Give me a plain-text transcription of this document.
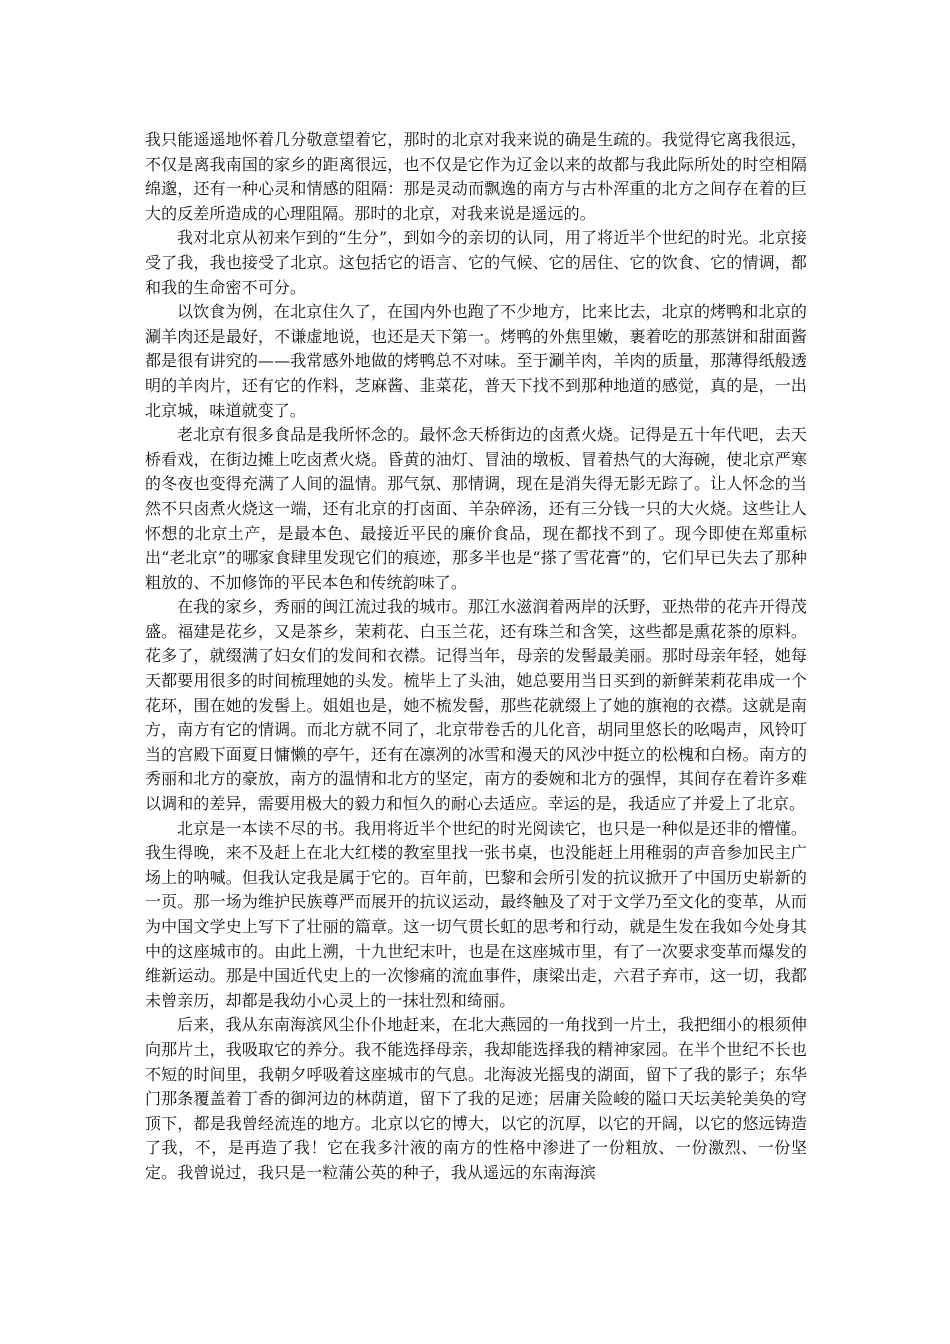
我只能遥遥地怀着几分敬意望着它，那时的北京对我来说的确是生疏的。我觉得它离我很远，不仅是离我南国的家乡的距离很远，也不仅是它作为辽金以来的故都与我此际所处的时空相隔绵邈，还有一种心灵和情感的阻隔：那是灵动而飘逸的南方与古朴浑重的北方之间存在着的巨大的反差所造成的心理阻隔。那时的北京，对我来说是遥远的。

我对北京从初来乍到的“生分”，到如今的亲切的认同，用了将近半个世纪的时光。北京接受了我，我也接受了北京。这包括它的语言、它的气候、它的居住、它的饮食、它的情调，都和我的生命密不可分。

以饮食为例，在北京住久了，在国内外也跑了不少地方，比来比去，北京的烤鸭和北京的涮羊肉还是最好，不谦虚地说，也还是天下第一。烤鸭的外焦里嫩，裹着吃的那蒸饼和甜面酱都是很有讲究的——我常感外地做的烤鸭总不对味。至于涮羊肉，羊肉的质量，那薄得纸般透明的羊肉片，还有它的作料，芝麻酱、韭菜花，普天下找不到那种地道的感觉，真的是，一出北京城，味道就变了。

老北京有很多食品是我所怀念的。最怀念天桥街边的卤煮火烧。记得是五十年代吧，去天桥看戏，在街边摊上吃卤煮火烧。昏黄的油灯、冒油的墩板、冒着热气的大海碗，使北京严寒的冬夜也变得充满了人间的温情。那气氛、那情调，现在是消失得无影无踪了。让人怀念的当然不只卤煮火烧这一端，还有北京的打卤面、羊杂碎汤，还有三分钱一只的大火烧。这些让人怀想的北京土产，是最本色、最接近平民的廉价食品，现在都找不到了。现今即使在郑重标出“老北京”的哪家食肆里发现它们的痕迹，那多半也是“搽了雪花膏”的，它们早已失去了那种粗放的、不加修饰的平民本色和传统韵味了。

在我的家乡，秀丽的闽江流过我的城市。那江水滋润着两岸的沃野，亚热带的花卉开得茂盛。福建是花乡，又是茶乡，茉莉花、白玉兰花，还有珠兰和含笑，这些都是熏花茶的原料。花多了，就缀满了妇女们的发间和衣襟。记得当年，母亲的发髻最美丽。那时母亲年轻，她每天都要用很多的时间梳理她的头发。梳毕上了头油，她总要用当日买到的新鲜茉莉花串成一个花环，围在她的发髻上。姐姐也是，她不梳发髻，那些花就缀上了她的旗袍的衣襟。这就是南方，南方有它的情调。而北方就不同了，北京带卷舌的儿化音，胡同里悠长的吆喝声，风铃叮当的宫殿下面夏日慵懒的亭午，还有在凛冽的冰雪和漫天的风沙中挺立的松槐和白杨。南方的秀丽和北方的豪放，南方的温情和北方的坚定，南方的委婉和北方的强悍，其间存在着许多难以调和的差异，需要用极大的毅力和恒久的耐心去适应。幸运的是，我适应了并爱上了北京。

北京是一本读不尽的书。我用将近半个世纪的时光阅读它，也只是一种似是还非的懵懂。我生得晚，来不及赶上在北大红楼的教室里找一张书桌，也没能赶上用稚弱的声音参加民主广场上的呐喊。但我认定我是属于它的。百年前，巴黎和会所引发的抗议掀开了中国历史崭新的一页。那一场为维护民族尊严而展开的抗议运动，最终触及了对于文学乃至文化的变革，从而为中国文学史上写下了壮丽的篇章。这一切气贯长虹的思考和行动，就是生发在我如今处身其中的这座城市的。由此上溯，十九世纪末叶，也是在这座城市里，有了一次要求变革而爆发的维新运动。那是中国近代史上的一次惨痛的流血事件，康梁出走，六君子弃市，这一切，我都未曾亲历，却都是我幼小心灵上的一抹壮烈和绮丽。

后来，我从东南海滨风尘仆仆地赶来，在北大燕园的一角找到一片土，我把细小的根须伸向那片土，我吸取它的养分。我不能选择母亲，我却能选择我的精神家园。在半个世纪不长也不短的时间里，我朝夕呼吸着这座城市的气息。北海波光摇曳的湖面，留下了我的影子；东华门那条覆盖着丁香的御河边的林荫道，留下了我的足迹；居庸关险峻的隘口天坛美轮美奂的穹顶下，都是我曾经流连的地方。北京以它的博大，以它的沉厚，以它的开阔，以它的悠远铸造了我，不，是再造了我！它在我多汁液的南方的性格中渗进了一份粗放、一份激烈、一份坚定。我曾说过，我只是一粒蒲公英的种子，我从遥远的东南海滨
